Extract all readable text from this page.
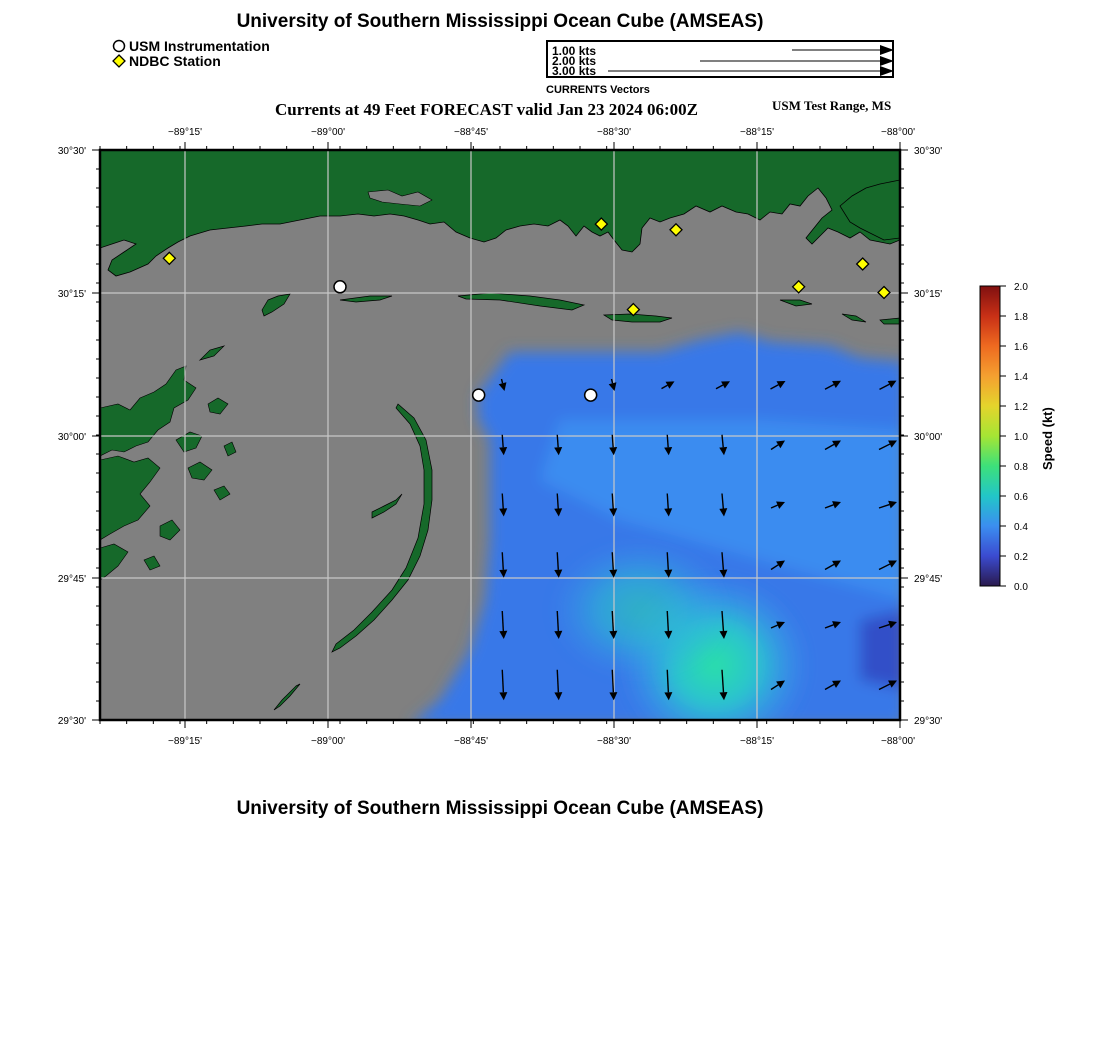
University of Southern Mississippi Ocean Cube (AMSEAS)
USM Instrumentation
NDBC Station
1.00 kts
2.00 kts
3.00 kts
CURRENTS Vectors
Currents at 49 Feet FORECAST valid Jan 23 2024 06:00Z	USM Test Range, MS
−89°15'	−89°00'	−88°45'	−88°30'	−88°15'	−88°00'
−89°15'	−89°00'	−88°45'	−88°30'	−88°15'	−88°00'
30°30'
30°15'
30°00'
29°45'
29°30'
30°30'
30°15'
30°00'
29°45'
29°30'
2.0
1.8
1.6
1.4
1.2
1.0
0.8
0.6
0.4
0.2
0.0
Speed (kt)
University of Southern Mississippi Ocean Cube (AMSEAS)
